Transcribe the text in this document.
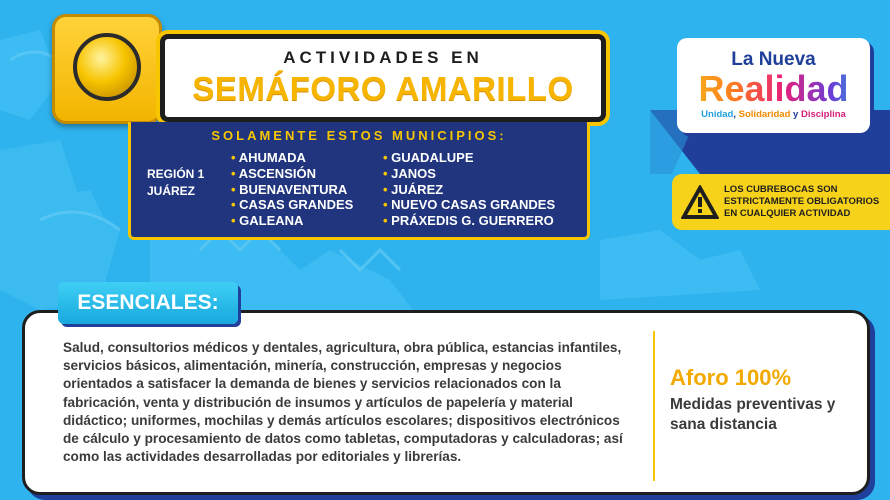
ACTIVIDADES EN
SEMÁFORO AMARILLO
SOLAMENTE ESTOS MUNICIPIOS:
REGIÓN 1
JUÁREZ
• AHUMADA
• ASCENSIÓN
• BUENAVENTURA
• CASAS GRANDES
• GALEANA
• GUADALUPE
• JANOS
• JUÁREZ
• NUEVO CASAS GRANDES
• PRÁXEDIS G. GUERRERO
La Nueva
Realidad
Unidad, Solidaridad y Disciplina
LOS CUBREBOCAS SON
ESTRICTAMENTE OBLIGATORIOS
EN CUALQUIER ACTIVIDAD
ESENCIALES:
Salud, consultorios médicos y dentales, agricultura, obra pública, estancias infantiles, servicios básicos, alimentación, minería, construcción, empresas y negocios orientados a satisfacer la demanda de bienes y servicios relacionados con la fabricación, venta y distribución de insumos y artículos de papelería y material didáctico; uniformes, mochilas y demás artículos escolares; dispositivos electrónicos de cálculo y procesamiento de datos como tabletas, computadoras y calculadoras; así como las actividades desarrolladas por editoriales y librerías.
Aforo 100%
Medidas preventivas y sana distancia
